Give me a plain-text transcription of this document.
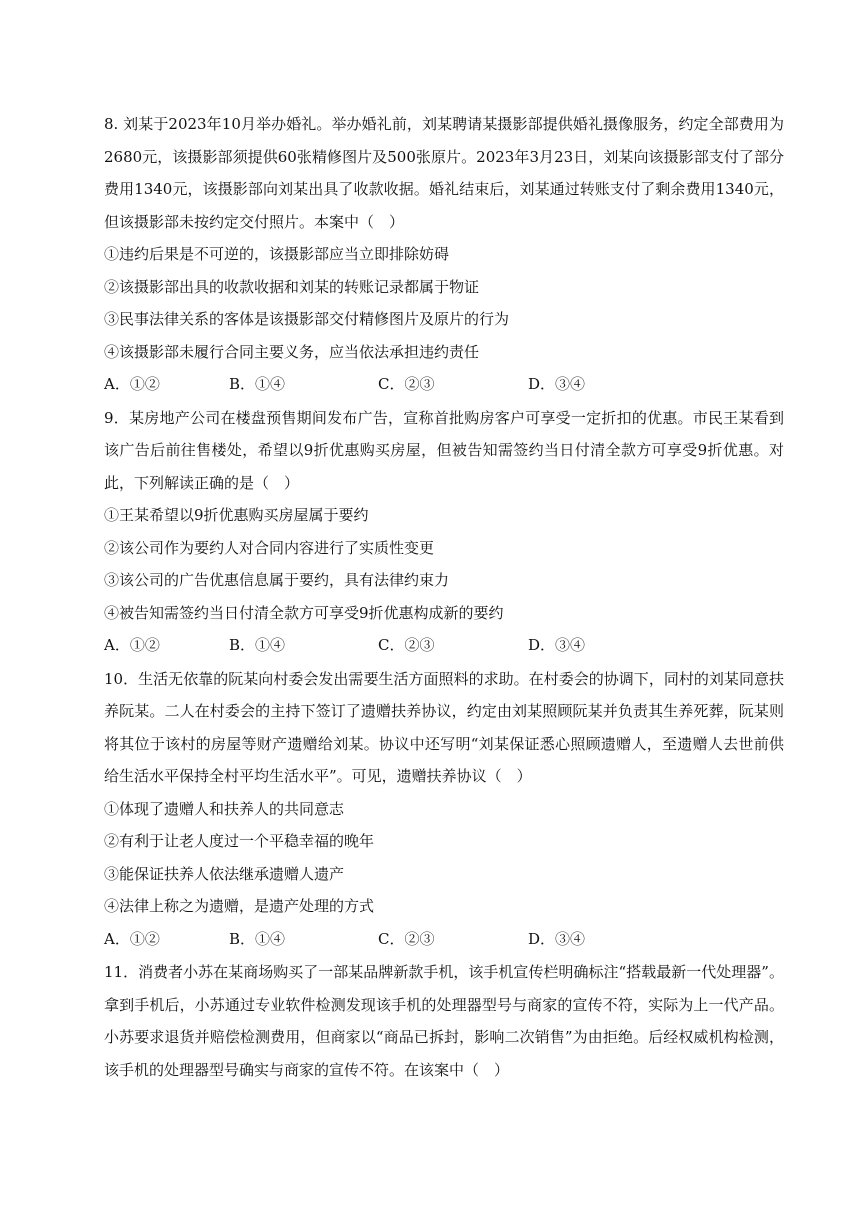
8. 刘某于2023年10月举办婚礼。举办婚礼前，刘某聘请某摄影部提供婚礼摄像服务，约定全部费用为2680元，该摄影部须提供60张精修图片及500张原片。2023年3月23日，刘某向该摄影部支付了部分费用1340元，该摄影部向刘某出具了收款收据。婚礼结束后，刘某通过转账支付了剩余费用1340元，但该摄影部未按约定交付照片。本案中（　）

①违约后果是不可逆的，该摄影部应当立即排除妨碍

②该摄影部出具的收款收据和刘某的转账记录都属于物证

③民事法律关系的客体是该摄影部交付精修图片及原片的行为

④该摄影部未履行合同主要义务，应当依法承担违约责任

A．①②	B．①④	C．②③	D．③④

9．某房地产公司在楼盘预售期间发布广告，宣称首批购房客户可享受一定折扣的优惠。市民王某看到该广告后前往售楼处，希望以9折优惠购买房屋，但被告知需签约当日付清全款方可享受9折优惠。对此，下列解读正确的是（　）

①王某希望以9折优惠购买房屋属于要约

②该公司作为要约人对合同内容进行了实质性变更

③该公司的广告优惠信息属于要约，具有法律约束力

④被告知需签约当日付清全款方可享受9折优惠构成新的要约

A．①②	B．①④	C．②③	D．③④

10．生活无依靠的阮某向村委会发出需要生活方面照料的求助。在村委会的协调下，同村的刘某同意扶养阮某。二人在村委会的主持下签订了遗赠扶养协议，约定由刘某照顾阮某并负责其生养死葬，阮某则将其位于该村的房屋等财产遗赠给刘某。协议中还写明“刘某保证悉心照顾遗赠人，至遗赠人去世前供给生活水平保持全村平均生活水平”。可见，遗赠扶养协议（　）

①体现了遗赠人和扶养人的共同意志

②有利于让老人度过一个平稳幸福的晚年

③能保证扶养人依法继承遗赠人遗产

④法律上称之为遗赠，是遗产处理的方式

A．①②	B．①④	C．②③	D．③④

11．消费者小苏在某商场购买了一部某品牌新款手机，该手机宣传栏明确标注“搭载最新一代处理器”。拿到手机后，小苏通过专业软件检测发现该手机的处理器型号与商家的宣传不符，实际为上一代产品。小苏要求退货并赔偿检测费用，但商家以“商品已拆封，影响二次销售”为由拒绝。后经权威机构检测，该手机的处理器型号确实与商家的宣传不符。在该案中（　）
